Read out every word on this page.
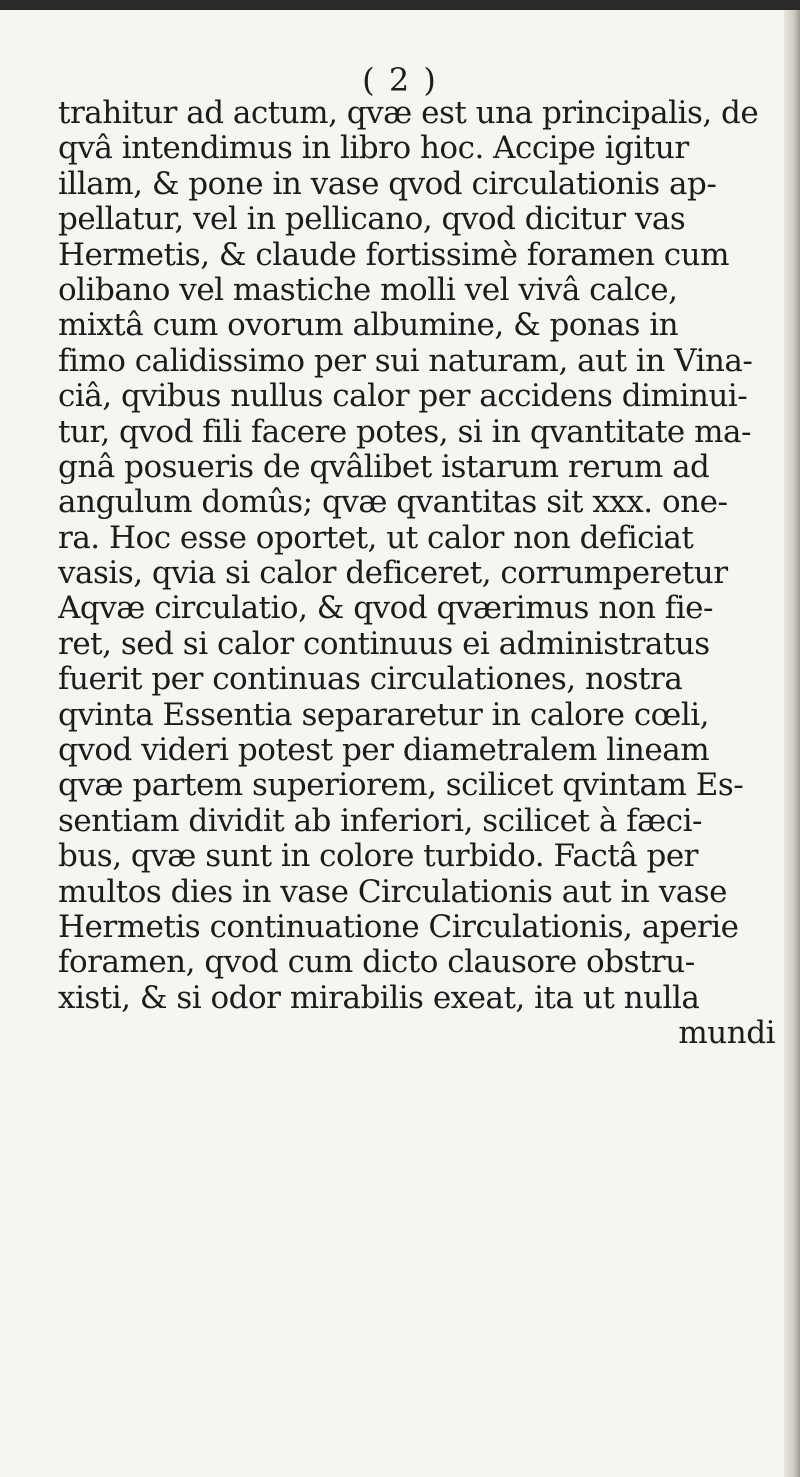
( 2 )
trahitur ad actum, qvæ est una principalis, de
qvâ intendimus in libro hoc. Accipe igitur
illam, & pone in vase qvod circulationis ap-
pellatur, vel in pellicano, qvod dicitur vas
Hermetis, & claude fortissimè foramen cum
olibano vel mastiche molli vel vivâ calce,
mixtâ cum ovorum albumine, & ponas in
fimo calidissimo per sui naturam, aut in Vina-
ciâ, qvibus nullus calor per accidens diminui-
tur, qvod fili facere potes, si in qvantitate ma-
gnâ posueris de qvâlibet istarum rerum ad
angulum domûs; qvæ qvantitas sit xxx. one-
ra. Hoc esse oportet, ut calor non deficiat
vasis, qvia si calor deficeret, corrumperetur
Aqvæ circulatio, & qvod qværimus non fie-
ret, sed si calor continuus ei administratus
fuerit per continuas circulationes, nostra
qvinta Essentia separaretur in calore cœli,
qvod videri potest per diametralem lineam
qvæ partem superiorem, scilicet qvintam Es-
sentiam dividit ab inferiori, scilicet à fæci-
bus, qvæ sunt in colore turbido. Factâ per
multos dies in vase Circulationis aut in vase
Hermetis continuatione Circulationis, aperie
foramen, qvod cum dicto clausore obstru-
xisti, & si odor mirabilis exeat, ita ut nulla
mundi
